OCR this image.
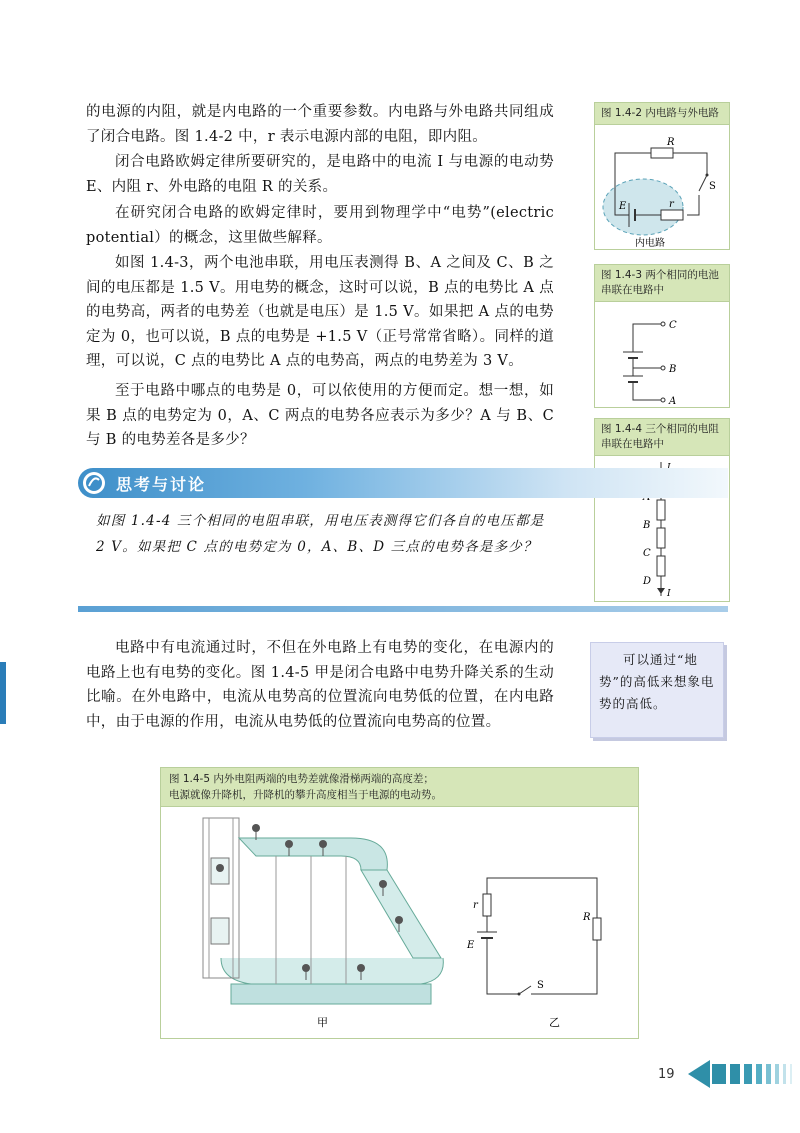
的电源的内阻，就是内电路的一个重要参数。内电路与外电路共同组成了闭合电路。图 1.4-2 中，r 表示电源内部的电阻，即内阻。
闭合电路欧姆定律所要研究的，是电路中的电流 I 与电源的电动势 E、内阻 r、外电路的电阻 R 的关系。
在研究闭合电路的欧姆定律时，要用到物理学中“电势”(electric potential）的概念，这里做些解释。
如图 1.4-3，两个电池串联，用电压表测得 B、A 之间及 C、B 之间的电压都是 1.5 V。用电势的概念，这时可以说，B 点的电势比 A 点的电势高，两者的电势差（也就是电压）是 1.5 V。如果把 A 点的电势定为 0，也可以说，B 点的电势是 +1.5 V（正号常常省略）。同样的道理，可以说，C 点的电势比 A 点的电势高，两点的电势差为 3 V。
至于电路中哪点的电势是 0，可以依使用的方便而定。想一想，如果 B 点的电势定为 0，A、C 两点的电势各应表示为多少？A 与 B、C 与 B 的电势差各是多少？
图 1.4-2 内电路与外电路
R
S
E	r
内电路
图 1.4-3 两个相同的电池串联在电路中
C
B
A
图 1.4-4 三个相同的电阻串联在电路中
B
C
D
I
思考与讨论
如图 1.4-4 三个相同的电阻串联，用电压表测得它们各自的电压都是 2 V。如果把 C 点的电势定为 0，A、B、D 三点的电势各是多少？
电路中有电流通过时，不但在外电路上有电势的变化，在电源内的电路上也有电势的变化。图 1.4-5 甲是闭合电路中电势升降关系的生动比喻。在外电路中，电流从电势高的位置流向电势低的位置，在内电路中，由于电源的作用，电流从电势低的位置流向电势高的位置。
可以通过“地势”的高低来想象电势的高低。
图 1.4-5 内外电阻两端的电势差就像滑梯两端的高度差；
电源就像升降机，升降机的攀升高度相当于电源的电动势。
r
R
E
S
甲	乙
19
